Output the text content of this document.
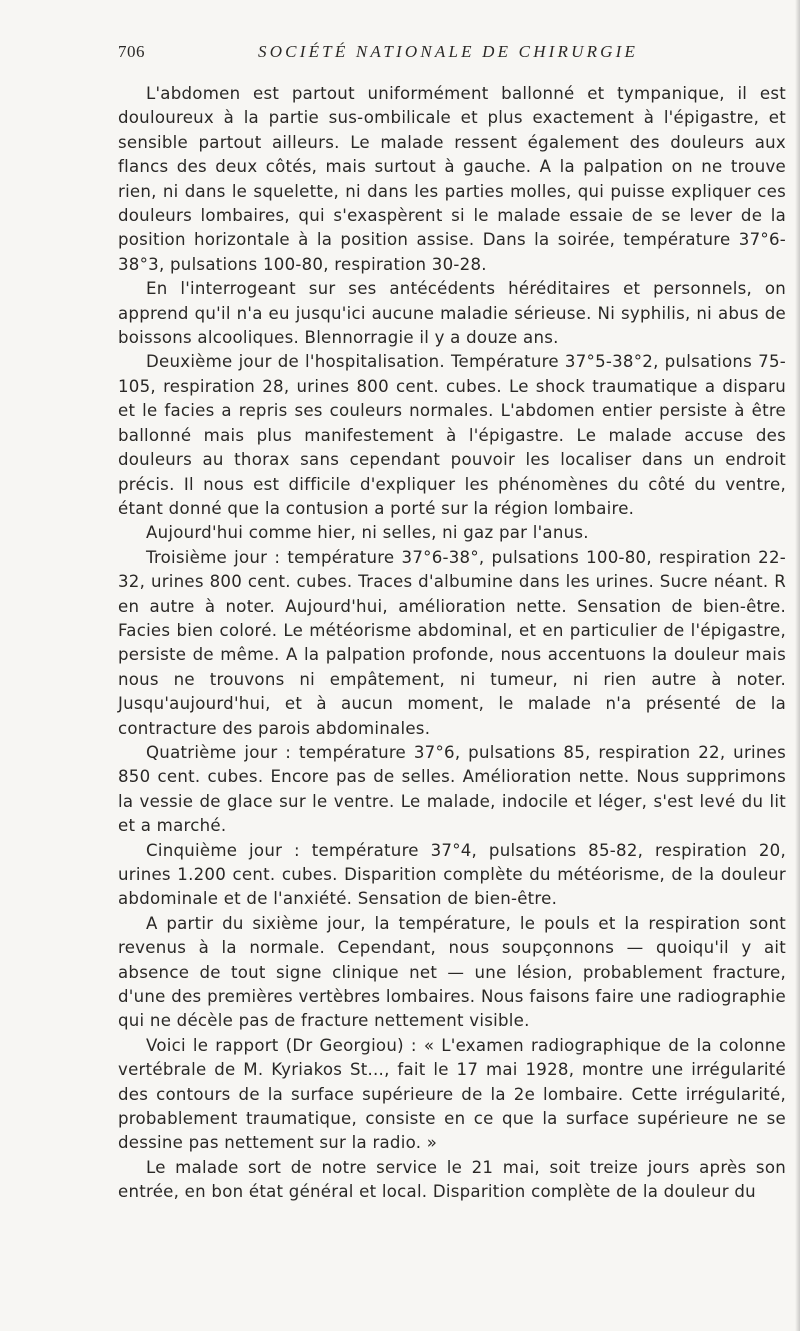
706	SOCIÉTÉ NATIONALE DE CHIRURGIE

L'abdomen est partout uniformément ballonné et tympanique, il est douloureux à la partie sus-ombilicale et plus exactement à l'épigastre, et sensible partout ailleurs. Le malade ressent également des douleurs aux flancs des deux côtés, mais surtout à gauche. A la palpation on ne trouve rien, ni dans le squelette, ni dans les parties molles, qui puisse expliquer ces douleurs lombaires, qui s'exaspèrent si le malade essaie de se lever de la position horizontale à la position assise. Dans la soirée, température 37°6-38°3, pulsations 100-80, respiration 30-28.

En l'interrogeant sur ses antécédents héréditaires et personnels, on apprend qu'il n'a eu jusqu'ici aucune maladie sérieuse. Ni syphilis, ni abus de boissons alcooliques. Blennorragie il y a douze ans.

Deuxième jour de l'hospitalisation. Température 37°5-38°2, pulsations 75-105, respiration 28, urines 800 cent. cubes. Le shock traumatique a disparu et le facies a repris ses couleurs normales. L'abdomen entier persiste à être ballonné mais plus manifestement à l'épigastre. Le malade accuse des douleurs au thorax sans cependant pouvoir les localiser dans un endroit précis. Il nous est difficile d'expliquer les phénomènes du côté du ventre, étant donné que la contusion a porté sur la région lombaire.

Aujourd'hui comme hier, ni selles, ni gaz par l'anus.

Troisième jour : température 37°6-38°, pulsations 100-80, respiration 22-32, urines 800 cent. cubes. Traces d'albumine dans les urines. Sucre néant. R en autre à noter. Aujourd'hui, amélioration nette. Sensation de bien-être. Facies bien coloré. Le météorisme abdominal, et en particulier de l'épigastre, persiste de même. A la palpation profonde, nous accentuons la douleur mais nous ne trouvons ni empâtement, ni tumeur, ni rien autre à noter. Jusqu'aujourd'hui, et à aucun moment, le malade n'a présenté de la contracture des parois abdominales.

Quatrième jour : température 37°6, pulsations 85, respiration 22, urines 850 cent. cubes. Encore pas de selles. Amélioration nette. Nous supprimons la vessie de glace sur le ventre. Le malade, indocile et léger, s'est levé du lit et a marché.

Cinquième jour : température 37°4, pulsations 85-82, respiration 20, urines 1.200 cent. cubes. Disparition complète du météorisme, de la douleur abdominale et de l'anxiété. Sensation de bien-être.

A partir du sixième jour, la température, le pouls et la respiration sont revenus à la normale. Cependant, nous soupçonnons — quoiqu'il y ait absence de tout signe clinique net — une lésion, probablement fracture, d'une des premières vertèbres lombaires. Nous faisons faire une radiographie qui ne décèle pas de fracture nettement visible.

Voici le rapport (Dr Georgiou) : « L'examen radiographique de la colonne vertébrale de M. Kyriakos St..., fait le 17 mai 1928, montre une irrégularité des contours de la surface supérieure de la 2e lombaire. Cette irrégularité, probablement traumatique, consiste en ce que la surface supérieure ne se dessine pas nettement sur la radio. »

Le malade sort de notre service le 21 mai, soit treize jours après son entrée, en bon état général et local. Disparition complète de la douleur du
